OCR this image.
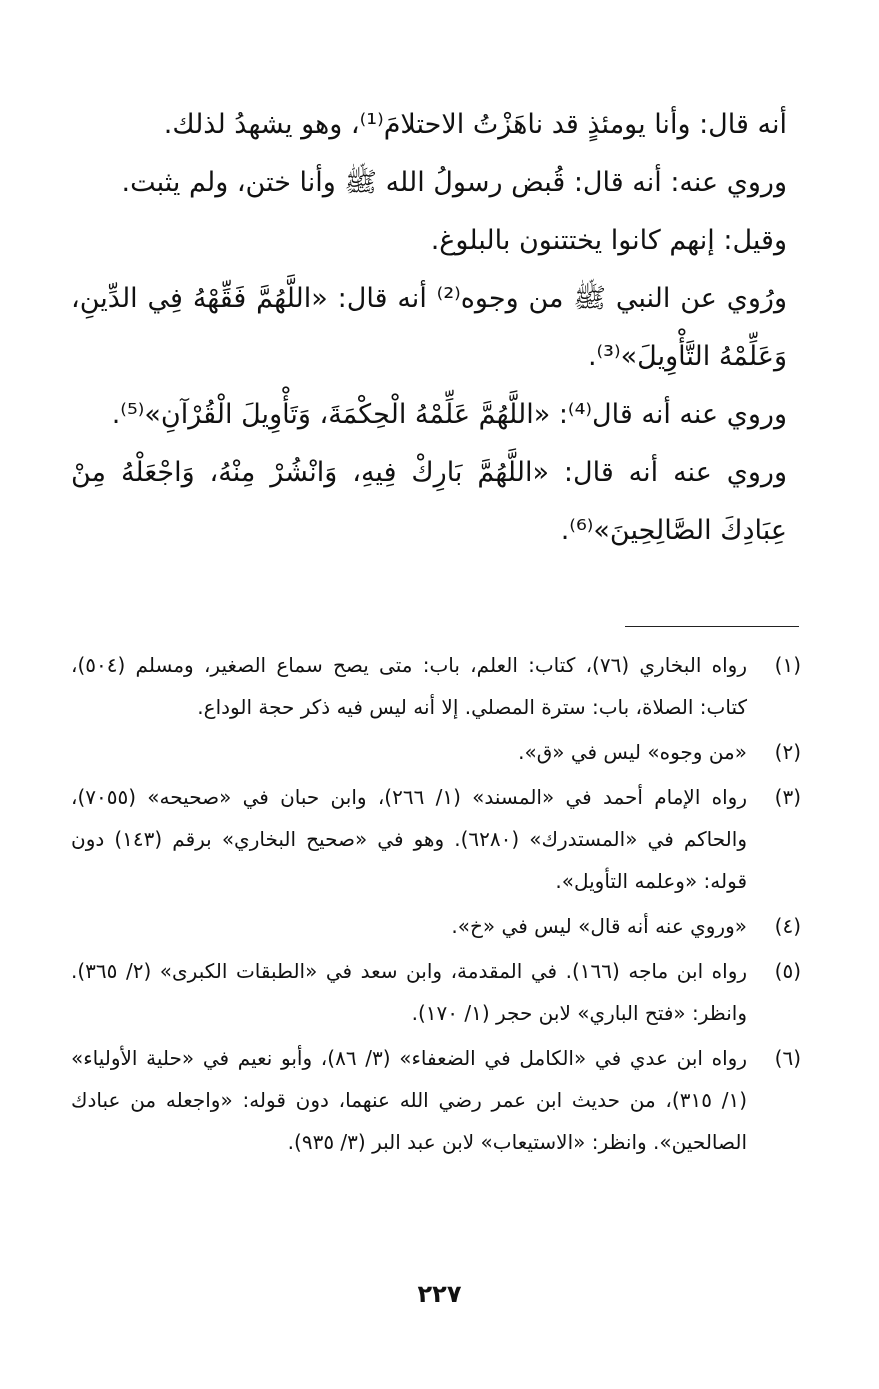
أنه قال: وأنا يومئذٍ قد ناهَزْتُ الاحتلامَ⁽¹⁾، وهو يشهدُ لذلك.

وروي عنه: أنه قال: قُبض رسولُ الله ﷺ وأنا ختن، ولم يثبت.

وقيل: إنهم كانوا يختتنون بالبلوغ.

ورُوي عن النبي ﷺ من وجوه⁽²⁾ أنه قال: «اللَّهُمَّ فَقِّهْهُ فِي الدِّينِ، وَعَلِّمْهُ التَّأْوِيلَ»⁽³⁾.

وروي عنه أنه قال⁽⁴⁾: «اللَّهُمَّ عَلِّمْهُ الْحِكْمَةَ، وَتَأْوِيلَ الْقُرْآنِ»⁽⁵⁾.

وروي عنه أنه قال: «اللَّهُمَّ بَارِكْ فِيهِ، وَانْشُرْ مِنْهُ، وَاجْعَلْهُ مِنْ عِبَادِكَ الصَّالِحِينَ»⁽⁶⁾.

(١)
رواه البخاري (٧٦)، كتاب: العلم، باب: متى يصح سماع الصغير، ومسلم (٥٠٤)، كتاب: الصلاة، باب: سترة المصلي. إلا أنه ليس فيه ذكر حجة الوداع.
(٢)
«من وجوه» ليس في «ق».
(٣)
رواه الإمام أحمد في «المسند» (١/ ٢٦٦)، وابن حبان في «صحيحه» (٧٠٥٥)، والحاكم في «المستدرك» (٦٢٨٠). وهو في «صحيح البخاري» برقم (١٤٣) دون قوله: «وعلمه التأويل».
(٤)
«وروي عنه أنه قال» ليس في «خ».
(٥)
رواه ابن ماجه (١٦٦). في المقدمة، وابن سعد في «الطبقات الكبرى» (٢/ ٣٦٥). وانظر: «فتح الباري» لابن حجر (١/ ١٧٠).
(٦)
رواه ابن عدي في «الكامل في الضعفاء» (٣/ ٨٦)، وأبو نعيم في «حلية الأولياء» (١/ ٣١٥)، من حديث ابن عمر رضي الله عنهما، دون قوله: «واجعله من عبادك الصالحين». وانظر: «الاستيعاب» لابن عبد البر (٣/ ٩٣٥).
٢٢٧
